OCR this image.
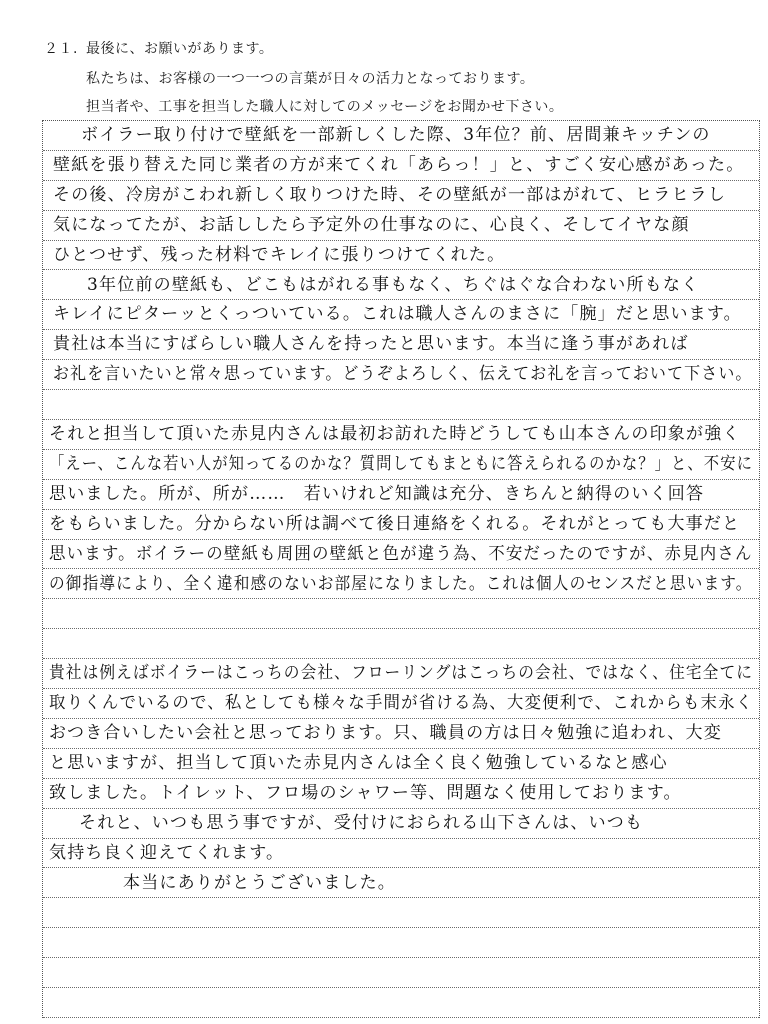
２１. 最後に、お願いがあります。
私たちは、お客様の一つ一つの言葉が日々の活力となっております。
担当者や、工事を担当した職人に対してのメッセージをお聞かせ下さい。
ボイラー取り付けで壁紙を一部新しくした際、3年位？前、居間兼キッチンの
壁紙を張り替えた同じ業者の方が来てくれ「あらっ！」と、すごく安心感があった。
その後、冷房がこわれ新しく取りつけた時、その壁紙が一部はがれて、ヒラヒラし
気になってたが、お話ししたら予定外の仕事なのに、心良く、そしてイヤな顔
ひとつせず、残った材料でキレイに張りつけてくれた。
3年位前の壁紙も、どこもはがれる事もなく、ちぐはぐな合わない所もなく
キレイにピターッとくっついている。これは職人さんのまさに「腕」だと思います。
貴社は本当にすばらしい職人さんを持ったと思います。本当に逢う事があれば
お礼を言いたいと常々思っています。どうぞよろしく、伝えてお礼を言っておいて下さい。
それと担当して頂いた赤見内さんは最初お訪れた時どうしても山本さんの印象が強く
「えー、こんな若い人が知ってるのかな？質問してもまともに答えられるのかな？」と、不安に
思いました。所が、所が……　若いけれど知識は充分、きちんと納得のいく回答
をもらいました。分からない所は調べて後日連絡をくれる。それがとっても大事だと
思います。ボイラーの壁紙も周囲の壁紙と色が違う為、不安だったのですが、赤見内さん
の御指導により、全く違和感のないお部屋になりました。これは個人のセンスだと思います。
貴社は例えばボイラーはこっちの会社、フローリングはこっちの会社、ではなく、住宅全てに
取りくんでいるので、私としても様々な手間が省ける為、大変便利で、これからも末永く
おつき合いしたい会社と思っております。只、職員の方は日々勉強に追われ、大変
と思いますが、担当して頂いた赤見内さんは全く良く勉強しているなと感心
致しました。トイレット、フロ場のシャワー等、問題なく使用しております。
それと、いつも思う事ですが、受付けにおられる山下さんは、いつも
気持ち良く迎えてくれます。
本当にありがとうございました。
